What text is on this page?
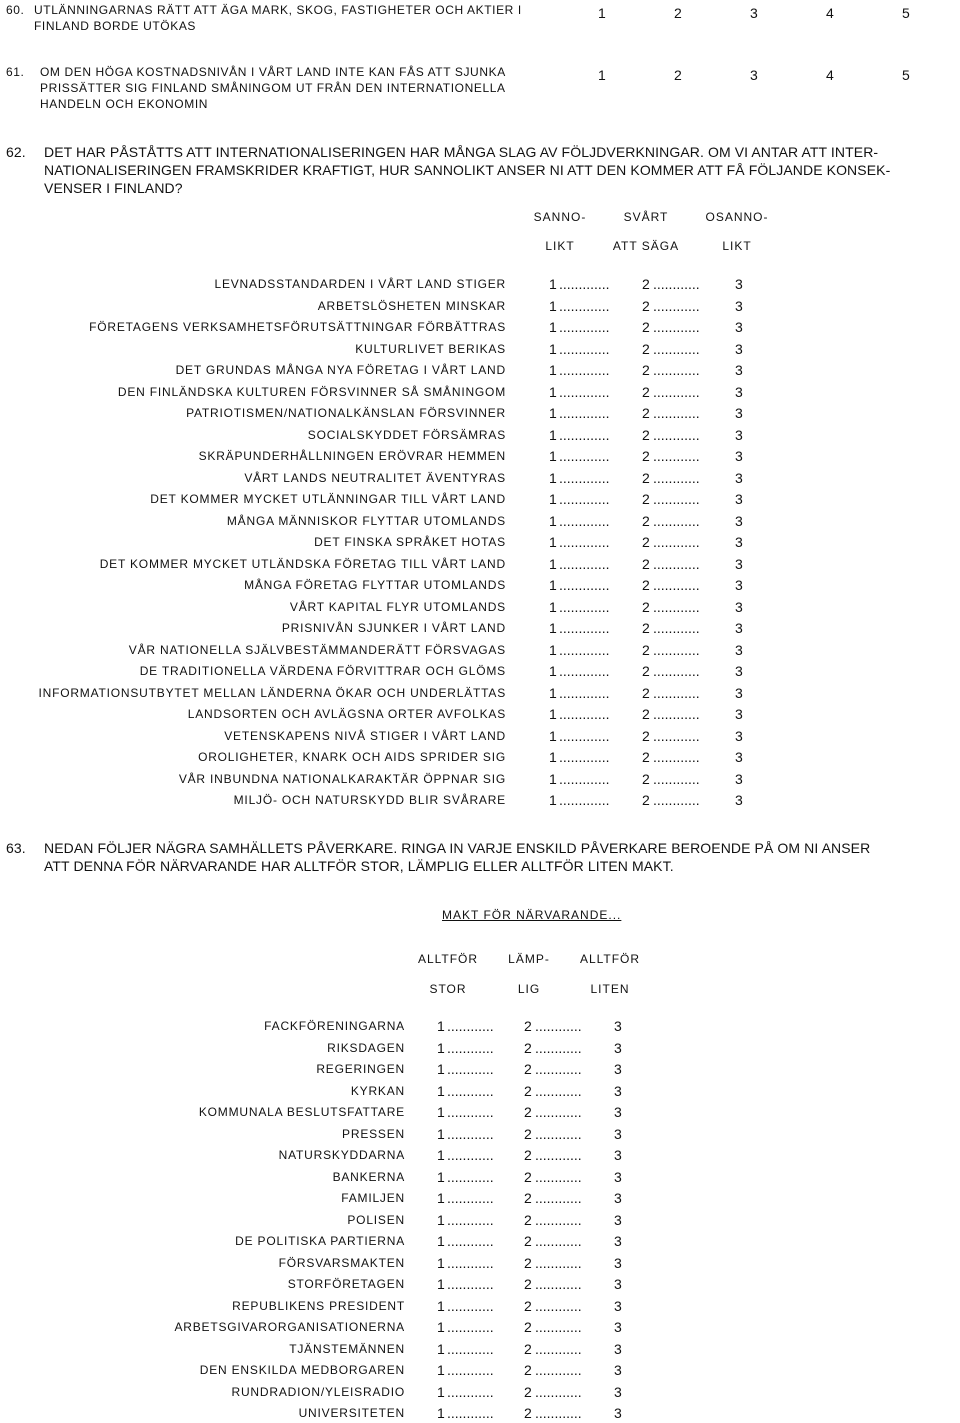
60. UTLÄNNINGARNAS RÄTT ATT ÄGA MARK, SKOG, FASTIGHETER OCH AKTIER I
FINLAND BORDE UTÖKAS
1	2	3	4	5
61. OM DEN HÖGA KOSTNADSNIVÅN I VÅRT LAND INTE KAN FÅS ATT SJUNKA
PRISSÄTTER SIG FINLAND SMÅNINGOM UT FRÅN DEN INTERNATIONELLA
HANDELN OCH EKONOMIN
1	2	3	4	5
62. DET HAR PÅSTÅTTS ATT INTERNATIONALISERINGEN HAR MÅNGA SLAG AV FÖLJDVERKNINGAR. OM VI ANTAR ATT INTER-
NATIONALISERINGEN FRAMSKRIDER KRAFTIGT, HUR SANNOLIKT ANSER NI ATT DEN KOMMER ATT FÅ FÖLJANDE KONSEK-
VENSER I FINLAND?
SANNO-
LIKT
SVÅRT
ATT SÄGA
OSANNO-
LIKT
LEVNADSSTANDARDEN I VÅRT LAND STIGER	1 ............. 2 ............	3
ARBETSLÖSHETEN MINSKAR	1 ............. 2 ............	3
FÖRETAGENS VERKSAMHETSFÖRUTSÄTTNINGAR FÖRBÄTTRAS	1 ............. 2 ............	3
KULTURLIVET BERIKAS	1 ............. 2 ............	3
DET GRUNDAS MÅNGA NYA FÖRETAG I VÅRT LAND	1 ............. 2 ............	3
DEN FINLÄNDSKA KULTUREN FÖRSVINNER SÅ SMÅNINGOM	1 ............. 2 ............	3
PATRIOTISMEN/NATIONALKÄNSLAN FÖRSVINNER	1 ............. 2 ............	3
SOCIALSKYDDET FÖRSÄMRAS	1 ............. 2 ............	3
SKRÄPUNDERHÅLLNINGEN ERÖVRAR HEMMEN	1 ............. 2 ............	3
VÅRT LANDS NEUTRALITET ÄVENTYRAS	1 ............. 2 ............	3
DET KOMMER MYCKET UTLÄNNINGAR TILL VÅRT LAND	1 ............. 2 ............	3
MÅNGA MÄNNISKOR FLYTTAR UTOMLANDS	1 ............. 2 ............	3
DET FINSKA SPRÅKET HOTAS	1 ............. 2 ............	3
DET KOMMER MYCKET UTLÄNDSKA FÖRETAG TILL VÅRT LAND	1 ............. 2 ............	3
MÅNGA FÖRETAG FLYTTAR UTOMLANDS	1 ............. 2 ............	3
VÅRT KAPITAL FLYR UTOMLANDS	1 ............. 2 ............	3
PRISNIVÅN SJUNKER I VÅRT LAND	1 ............. 2 ............	3
VÅR NATIONELLA SJÄLVBESTÄMMANDERÄTT FÖRSVAGAS	1 ............. 2 ............	3
DE TRADITIONELLA VÄRDENA FÖRVITTRAR OCH GLÖMS	1 ............. 2 ............	3
INFORMATIONSUTBYTET MELLAN LÄNDERNA ÖKAR OCH UNDERLÄTTAS	1 ............. 2 ............	3
LANDSORTEN OCH AVLÄGSNA ORTER AVFOLKAS	1 ............. 2 ............	3
VETENSKAPENS NIVÅ STIGER I VÅRT LAND	1 ............. 2 ............	3
OROLIGHETER, KNARK OCH AIDS SPRIDER SIG	1 ............. 2 ............	3
VÅR INBUNDNA NATIONALKARAKTÄR ÖPPNAR SIG	1 ............. 2 ............	3
MILJÖ- OCH NATURSKYDD BLIR SVÅRARE	1 ............. 2 ............	3
63. NEDAN FÖLJER NÄGRA SAMHÄLLETS PÅVERKARE. RINGA IN VARJE ENSKILD PÅVERKARE BEROENDE PÅ OM NI ANSER
ATT DENNA FÖR NÄRVARANDE HAR ALLTFÖR STOR, LÄMPLIG ELLER ALLTFÖR LITEN MAKT.
MAKT FÖR NÄRVARANDE...
ALLTFÖR
STOR
LÄMP-
LIG
ALLTFÖR
LITEN
FACKFÖRENINGARNA 1 ............ 2 ............ 3
RIKSDAGEN 1 ............ 2 ............ 3
REGERINGEN 1 ............ 2 ............ 3
KYRKAN 1 ............ 2 ............ 3
KOMMUNALA BESLUTSFATTARE 1 ............ 2 ............ 3
PRESSEN 1 ............ 2 ............ 3
NATURSKYDDARNA 1 ............ 2 ............ 3
BANKERNA 1 ............ 2 ............ 3
FAMILJEN 1 ............ 2 ............ 3
POLISEN 1 ............ 2 ............ 3
DE POLITISKA PARTIERNA 1 ............ 2 ............ 3
FÖRSVARSMAKTEN 1 ............ 2 ............ 3
STORFÖRETAGEN 1 ............ 2 ............ 3
REPUBLIKENS PRESIDENT 1 ............ 2 ............ 3
ARBETSGIVARORGANISATIONERNA 1 ............ 2 ............ 3
TJÄNSTEMÄNNEN 1 ............ 2 ............ 3
DEN ENSKILDA MEDBORGAREN 1 ............ 2 ............ 3
RUNDRADION/YLEISRADIO 1 ............ 2 ............ 3
UNIVERSITETEN 1 ............ 2 ............ 3
